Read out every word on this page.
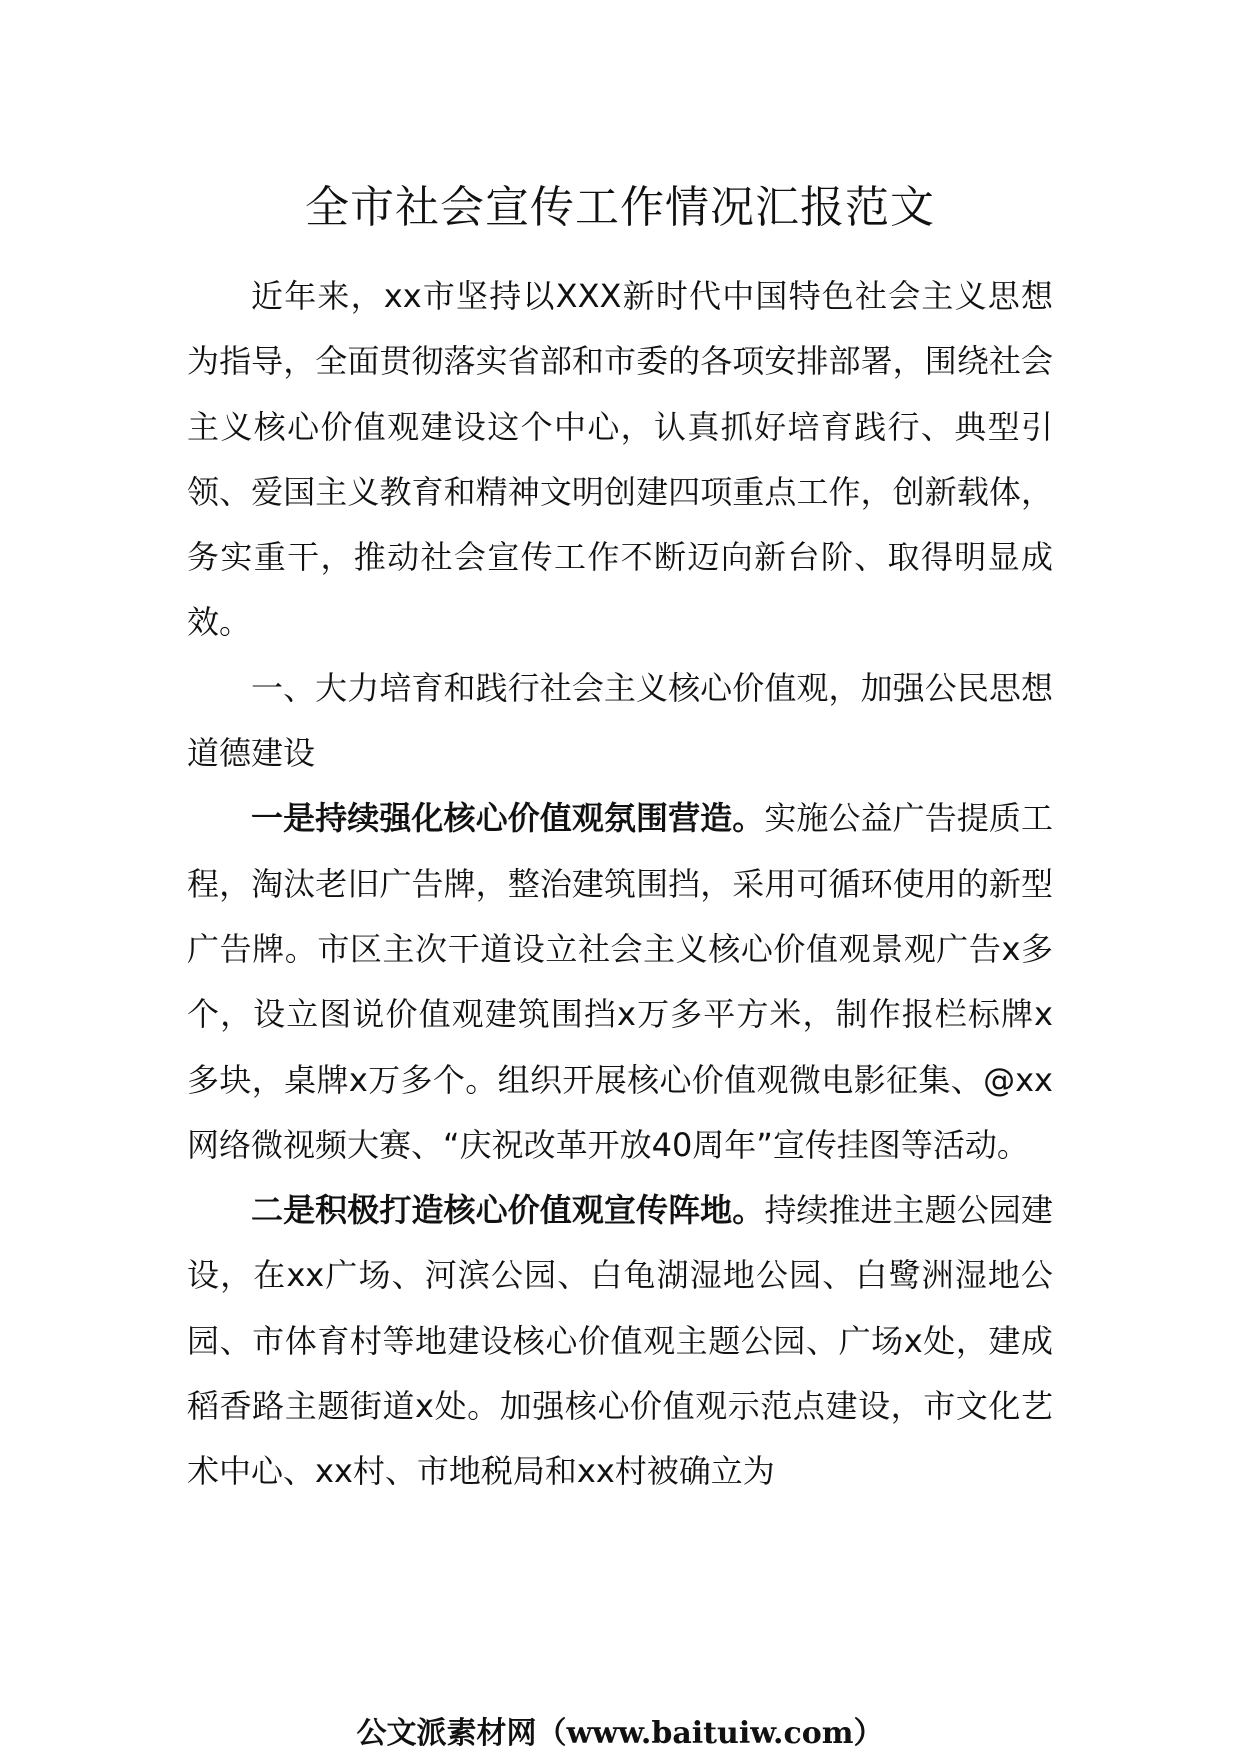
全市社会宣传工作情况汇报范文

近年来，xx市坚持以XXX新时代中国特色社会主义思想为指导，全面贯彻落实省部和市委的各项安排部署，围绕社会主义核心价值观建设这个中心，认真抓好培育践行、典型引领、爱国主义教育和精神文明创建四项重点工作，创新载体，务实重干，推动社会宣传工作不断迈向新台阶、取得明显成效。

一、大力培育和践行社会主义核心价值观，加强公民思想道德建设

一是持续强化核心价值观氛围营造。实施公益广告提质工程，淘汰老旧广告牌，整治建筑围挡，采用可循环使用的新型广告牌。市区主次干道设立社会主义核心价值观景观广告x多个，设立图说价值观建筑围挡x万多平方米，制作报栏标牌x多块，桌牌x万多个。组织开展核心价值观微电影征集、@xx网络微视频大赛、“庆祝改革开放40周年”宣传挂图等活动。

二是积极打造核心价值观宣传阵地。持续推进主题公园建设，在xx广场、河滨公园、白龟湖湿地公园、白鹭洲湿地公园、市体育村等地建设核心价值观主题公园、广场x处，建成稻香路主题街道x处。加强核心价值观示范点建设，市文化艺术中心、xx村、市地税局和xx村被确立为

公文派素材网（www.baituiw.com）
